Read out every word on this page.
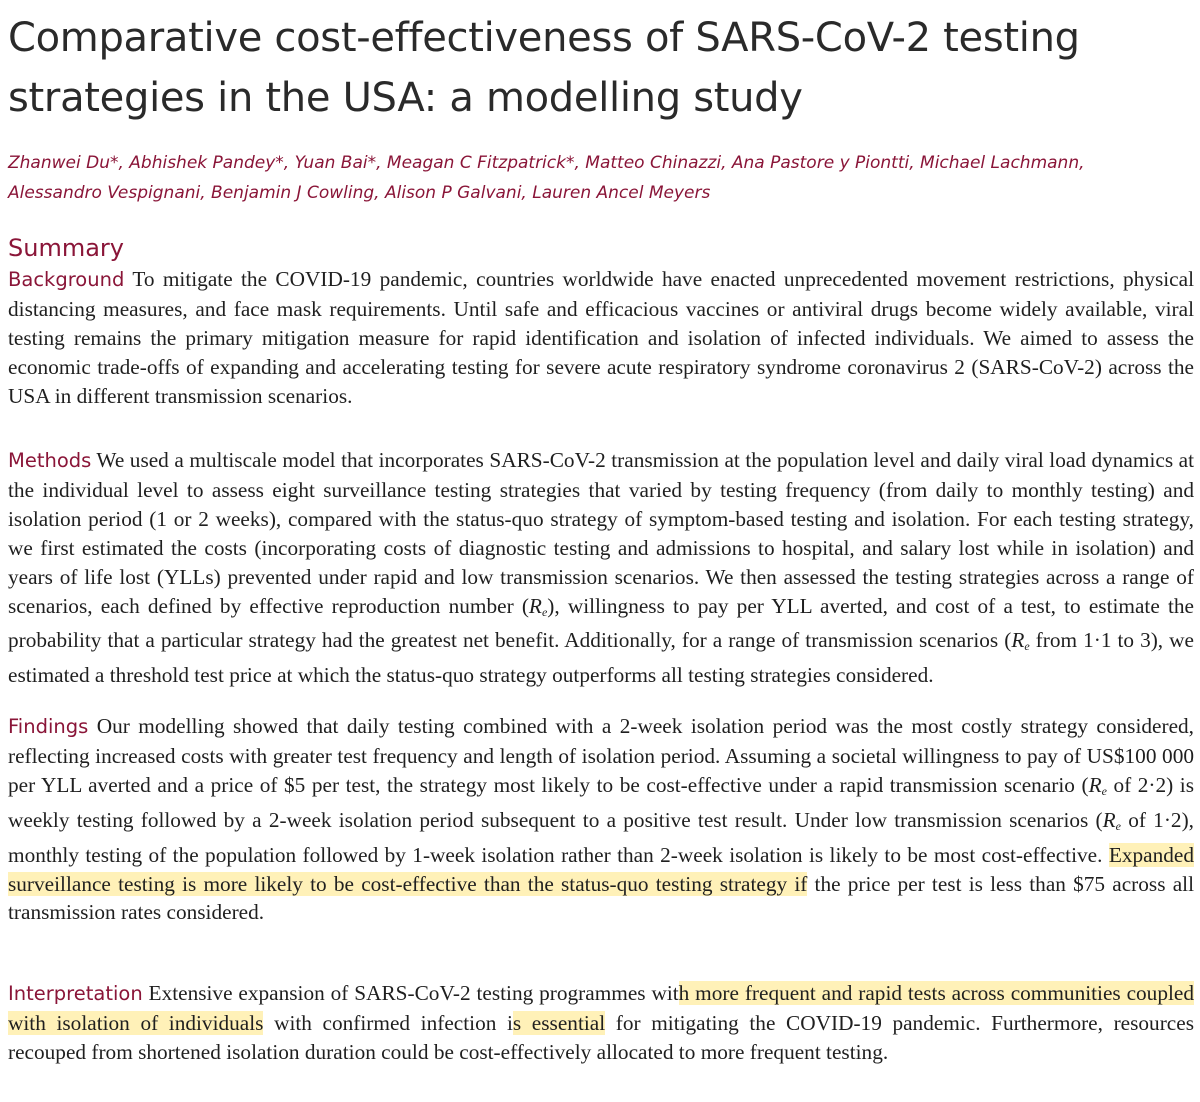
Comparative cost-effectiveness of SARS-CoV-2 testing
strategies in the USA: a modelling study
Zhanwei Du*, Abhishek Pandey*, Yuan Bai*, Meagan C Fitzpatrick*, Matteo Chinazzi, Ana Pastore y Piontti, Michael Lachmann,
Alessandro Vespignani, Benjamin J Cowling, Alison P Galvani, Lauren Ancel Meyers
Summary

Background To mitigate the COVID-19 pandemic, countries worldwide have enacted unprecedented movement restrictions, physical distancing measures, and face mask requirements. Until safe and efficacious vaccines or antiviral drugs become widely available, viral testing remains the primary mitigation measure for rapid identification and isolation of infected individuals. We aimed to assess the economic trade-offs of expanding and accelerating testing for severe acute respiratory syndrome coronavirus 2 (SARS-CoV-2) across the USA in different transmission scenarios.

Methods We used a multiscale model that incorporates SARS-CoV-2 transmission at the population level and daily viral load dynamics at the individual level to assess eight surveillance testing strategies that varied by testing frequency (from daily to monthly testing) and isolation period (1 or 2 weeks), compared with the status-quo strategy of symptom-based testing and isolation. For each testing strategy, we first estimated the costs (incorporating costs of diagnostic testing and admissions to hospital, and salary lost while in isolation) and years of life lost (YLLs) prevented under rapid and low transmission scenarios. We then assessed the testing strategies across a range of scenarios, each defined by effective reproduction number $(R_e)$, willingness to pay per YLL averted, and cost of a test, to estimate the probability that a particular strategy had the greatest net benefit. Additionally, for a range of transmission scenarios ($R_e$ from 1·1 to 3), we estimated a threshold test price at which the status-quo strategy outperforms all testing strategies considered.

Findings Our modelling showed that daily testing combined with a 2-week isolation period was the most costly strategy considered, reflecting increased costs with greater test frequency and length of isolation period. Assuming a societal willingness to pay of US$100 000 per YLL averted and a price of $5 per test, the strategy most likely to be cost-effective under a rapid transmission scenario ($R_e$ of 2·2) is weekly testing followed by a 2-week isolation period subsequent to a positive test result. Under low transmission scenarios ($R_e$ of 1·2), monthly testing of the population followed by 1-week isolation rather than 2-week isolation is likely to be most cost-effective. Expanded surveillance testing is more likely to be cost-effective than the status-quo testing strategy if the price per test is less than $75 across all transmission rates considered.

Interpretation Extensive expansion of SARS-CoV-2 testing programmes with more frequent and rapid tests across communities coupled with isolation of individuals with confirmed infection is essential for mitigating the COVID-19 pandemic. Furthermore, resources recouped from shortened isolation duration could be cost-effectively allocated to more frequent testing.
